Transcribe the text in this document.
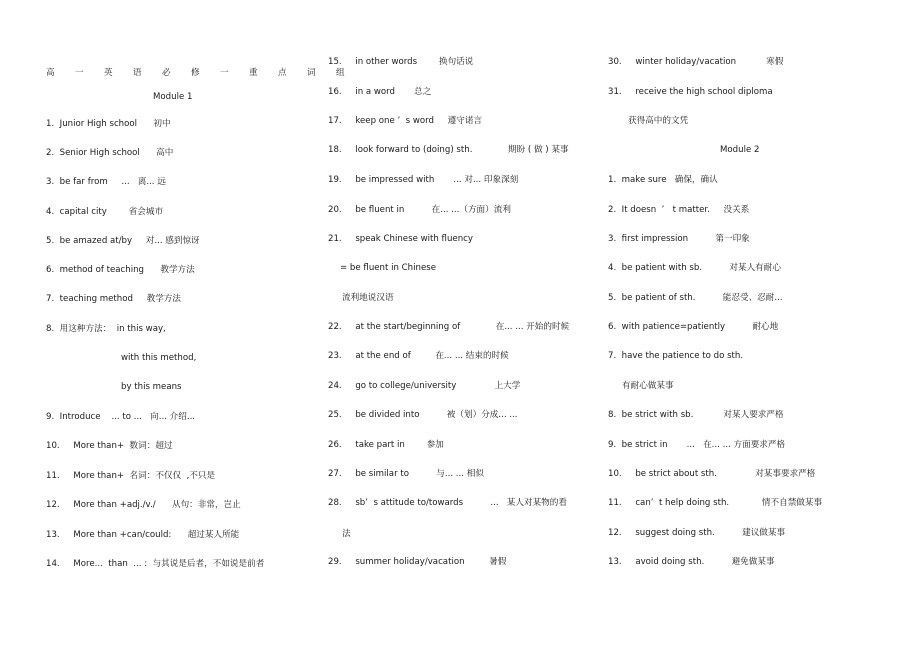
高一英语必修一重点词组
Module 1
1.  Junior High school      初中
2.  Senior High school      高中
3.  be far from     ...   离... 远
4.  capital city        省会城市
5.  be amazed at/by     对... 感到惊讶
6.  method of teaching      教学方法
7.  teaching method     教学方法
8.  用这种方法：  in this way,
with this method,
by this means
9.  Introduce    ... to ...   向... 介绍...
10.     More than+  数词：超过
11.     More than+  名词：不仅仅  ,不只是
12.     More than +adj./v./      从句：非常，岂止
13.     More than +can/could:      超过某人所能
14.     More...  than  ... :  与其说是后者，不如说是前者
15.     in other words        换句话说
16.     in a word       总之
17.     keep one ’  s word     遵守诺言
18.     look forward to (doing) sth.             期盼 ( 做 ) 某事
19.     be impressed with       ... 对... 印象深刻
20.     be fluent in          在... ...（方面）流利
21.     speak Chinese with fluency
= be fluent in Chinese
流利地说汉语
22.     at the start/beginning of             在... ... 开始的时候
23.     at the end of         在... ... 结束的时候
24.     go to college/university              上大学
25.     be divided into          被（划）分成... ...
26.     take part in        参加
27.     be similar to          与... ... 相似
28.     sb’  s attitude to/towards          ...   某人对某物的看
法
29.     summer holiday/vacation         暑假
30.     winter holiday/vacation           寒假
31.     receive the high school diploma
获得高中的文凭
Module 2
1.  make sure   确保，确认
2.  It doesn  ’   t matter.     没关系
3.  first impression          第一印象
4.  be patient with sb.          对某人有耐心
5.  be patient of sth.          能忍受、忍耐...
6.  with patience=patiently          耐心地
7.  have the patience to do sth.
有耐心做某事
8.  be strict with sb.           对某人要求严格
9.  be strict in       ...   在... ... 方面要求严格
10.     be strict about sth.              对某事要求严格
11.     can’  t help doing sth.            情不自禁做某事
12.     suggest doing sth.          建议做某事
13.     avoid doing sth.          避免做某事
